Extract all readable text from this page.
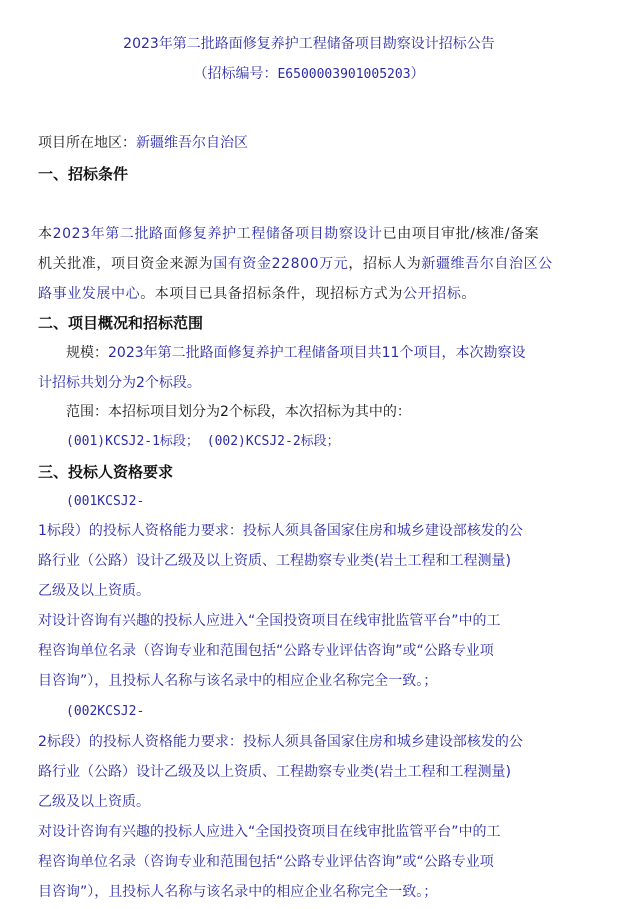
2023年第二批路面修复养护工程储备项目勘察设计招标公告
（招标编号：E6500003901005203）
项目所在地区：新疆维吾尔自治区
一、招标条件
本2023年第二批路面修复养护工程储备项目勘察设计已由项目审批/核准/备案
机关批准，项目资金来源为国有资金22800万元，招标人为新疆维吾尔自治区公
路事业发展中心。本项目已具备招标条件，现招标方式为公开招标。
二、项目概况和招标范围
规模：2023年第二批路面修复养护工程储备项目共11个项目，本次勘察设
计招标共划分为2个标段。
范围：本招标项目划分为2个标段，本次招标为其中的：
(001)KCSJ2-1标段； (002)KCSJ2-2标段；
三、投标人资格要求
(001KCSJ2-
1标段）的投标人资格能力要求：投标人须具备国家住房和城乡建设部核发的公
路行业（公路）设计乙级及以上资质、工程勘察专业类(岩土工程和工程测量)
乙级及以上资质。
对设计咨询有兴趣的投标人应进入“全国投资项目在线审批监管平台”中的工
程咨询单位名录（咨询专业和范围包括“公路专业评估咨询”或“公路专业项
目咨询”），且投标人名称与该名录中的相应企业名称完全一致。；
(002KCSJ2-
2标段）的投标人资格能力要求：投标人须具备国家住房和城乡建设部核发的公
路行业（公路）设计乙级及以上资质、工程勘察专业类(岩土工程和工程测量)
乙级及以上资质。
对设计咨询有兴趣的投标人应进入“全国投资项目在线审批监管平台”中的工
程咨询单位名录（咨询专业和范围包括“公路专业评估咨询”或“公路专业项
目咨询”），且投标人名称与该名录中的相应企业名称完全一致。；
